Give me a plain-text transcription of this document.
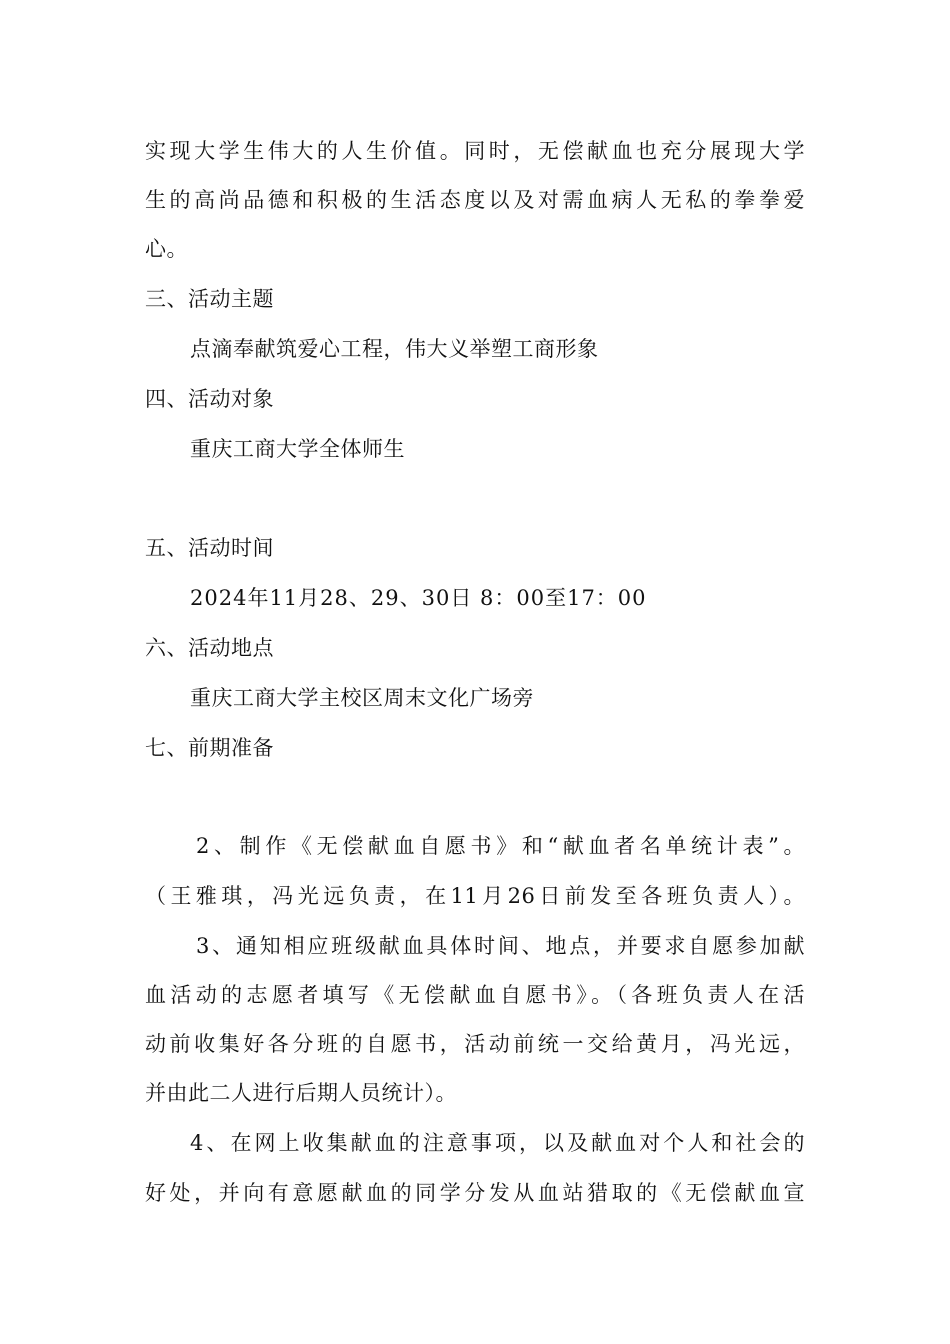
实现大学生伟大的人生价值。同时，无偿献血也充分展现大学
生的高尚品德和积极的生活态度以及对需血病人无私的拳拳爱
心。
三、活动主题
点滴奉献筑爱心工程，伟大义举塑工商形象
四、活动对象
重庆工商大学全体师生
五、活动时间
2024年11月28、29、30日 8：00至17：00
六、活动地点
重庆工商大学主校区周末文化广场旁
七、前期准备
2、制作《无偿献血自愿书》和“献血者名单统计表”。
（王雅琪，冯光远负责，在11月26日前发至各班负责人）。
3、通知相应班级献血具体时间、地点，并要求自愿参加献
血活动的志愿者填写《无偿献血自愿书》。（各班负责人在活
动前收集好各分班的自愿书，活动前统一交给黄月，冯光远，
并由此二人进行后期人员统计）。
4、在网上收集献血的注意事项，以及献血对个人和社会的
好处，并向有意愿献血的同学分发从血站猎取的《无偿献血宣
